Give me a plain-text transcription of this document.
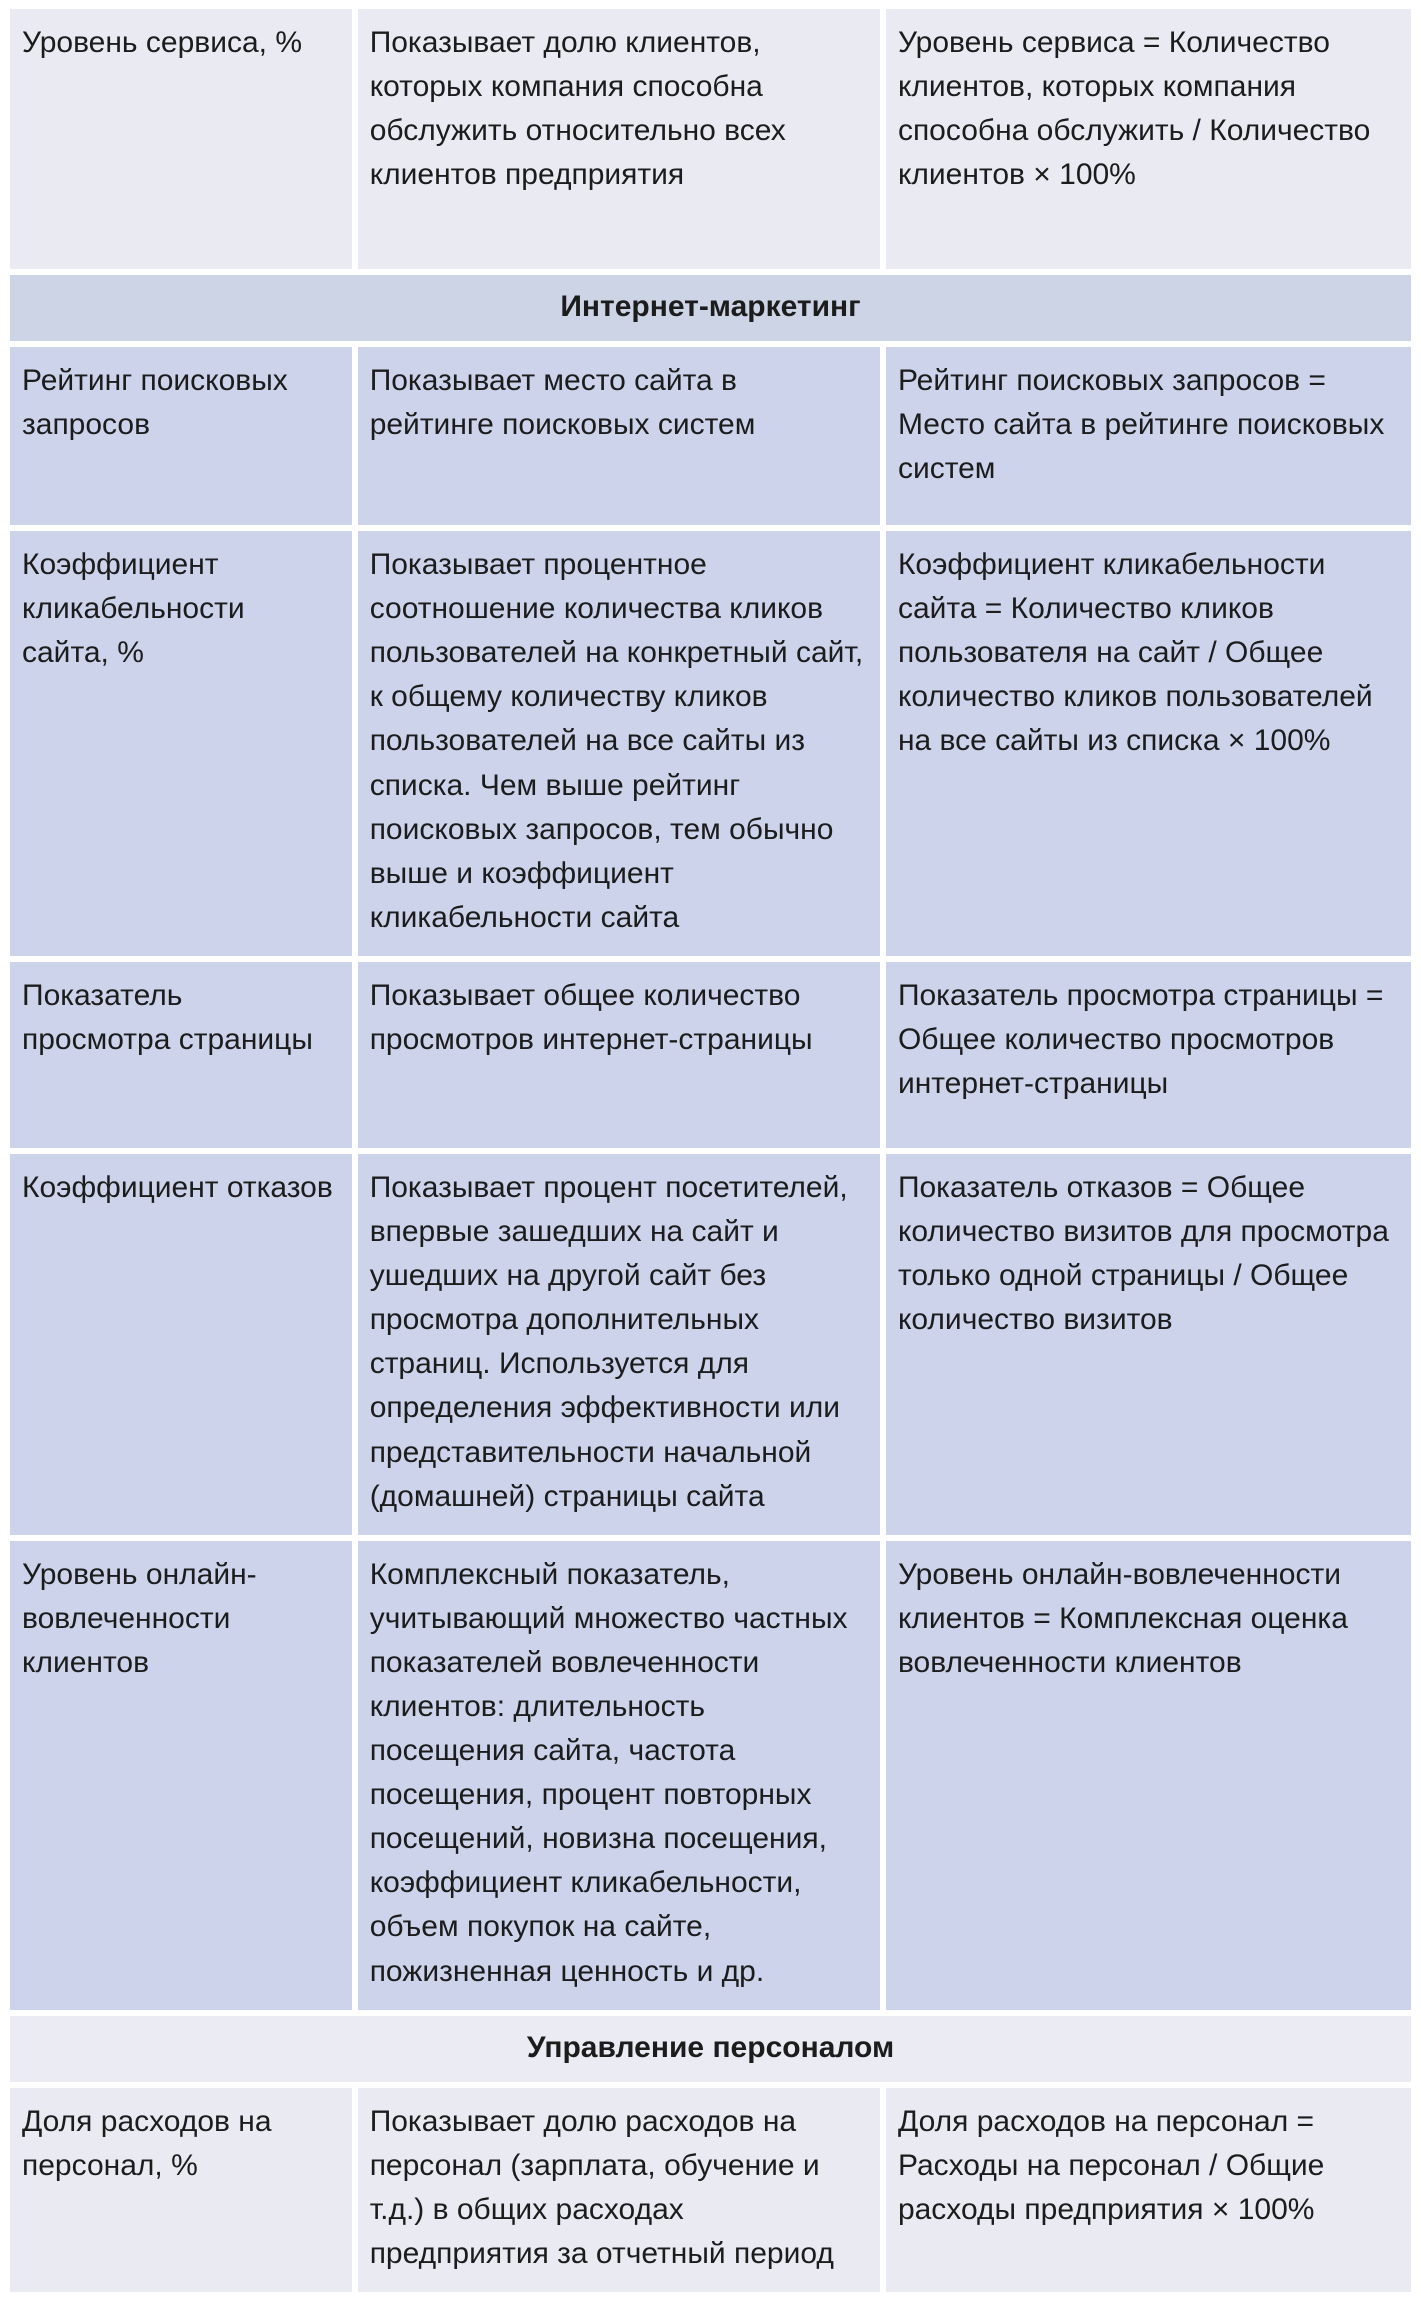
Уровень сервиса, %	Показывает долю клиентов, которых компания способна обслужить относительно всех клиентов предприятия	Уровень сервиса = Количество клиентов, которых компания способна обслужить / Количество клиентов × 100%
Интернет-маркетинг		
Рейтинг поисковых запросов	Показывает место сайта в рейтинге поисковых систем	Рейтинг поисковых запросов = Место сайта в рейтинге поисковых систем
Коэффициент кликабельности сайта, %	Показывает процентное соотношение количества кликов пользователей на конкретный сайт, к общему количеству кликов пользователей на все сайты из списка. Чем выше рейтинг поисковых запросов, тем обычно выше и коэффициент кликабельности сайта	Коэффициент кликабельности сайта = Количество кликов пользователя на сайт / Общее количество кликов пользователей на все сайты из списка × 100%
Показатель просмотра страницы	Показывает общее количество просмотров интернет-страницы	Показатель просмотра страницы = Общее количество просмотров интернет-страницы
Коэффициент отказов	Показывает процент посетителей, впервые зашедших на сайт и ушедших на другой сайт без просмотра дополнительных страниц. Используется для определения эффективности или представительности начальной (домашней) страницы сайта	Показатель отказов = Общее количество визитов для просмотра только одной страницы / Общее количество визитов
Уровень онлайн-вовлеченности клиентов	Комплексный показатель, учитывающий множество частных показателей вовлеченности клиентов: длительность посещения сайта, частота посещения, процент повторных посещений, новизна посещения, коэффициент кликабельности, объем покупок на сайте, пожизненная ценность и др.	Уровень онлайн-вовлеченности клиентов = Комплексная оценка вовлеченности клиентов
Управление персоналом		
Доля расходов на персонал, %	Показывает долю расходов на персонал (зарплата, обучение и т.д.) в общих расходах предприятия за отчетный период	Доля расходов на персонал = Расходы на персонал / Общие расходы предприятия × 100%
